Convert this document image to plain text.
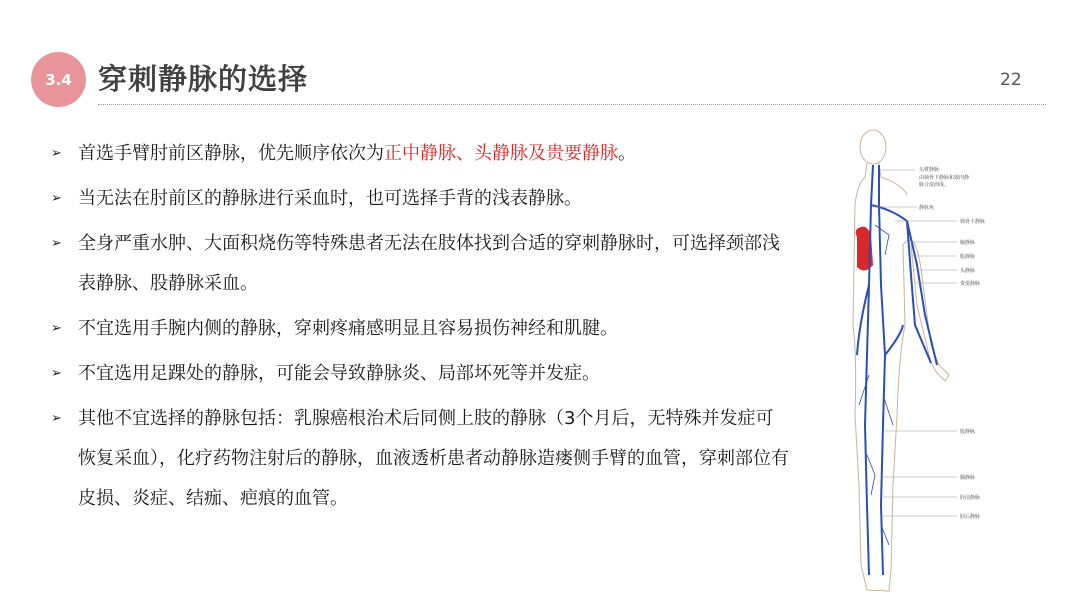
3.4 穿刺静脉的选择	22
➢ 首选手臂肘前区静脉，优先顺序依次为正中静脉、头静脉及贵要静脉。
➢ 当无法在肘前区的静脉进行采血时，也可选择手背的浅表静脉。
➢ 全身严重水肿、大面积烧伤等特殊患者无法在肢体找到合适的穿刺静脉时，可选择颈部浅表静脉、股静脉采血。
➢ 不宜选用手腕内侧的静脉，穿刺疼痛感明显且容易损伤神经和肌腱。
➢ 不宜选用足踝处的静脉，可能会导致静脉炎、局部坏死等并发症。
➢ 其他不宜选择的静脉包括：乳腺癌根治术后同侧上肢的静脉（3个月后，无特殊并发症可恢复采血），化疗药物注射后的静脉，血液透析患者动静脉造瘘侧手臂的血管，穿刺部位有皮损、炎症、结痂、疤痕的血管。
头臂静脉
由锁骨下静脉和颈内静
脉合流而成。
静脉角
锁骨下静脉
腋静脉
肱静脉
头静脉
贵要静脉
股静脉
腘静脉
胫前静脉
胫后静脉
